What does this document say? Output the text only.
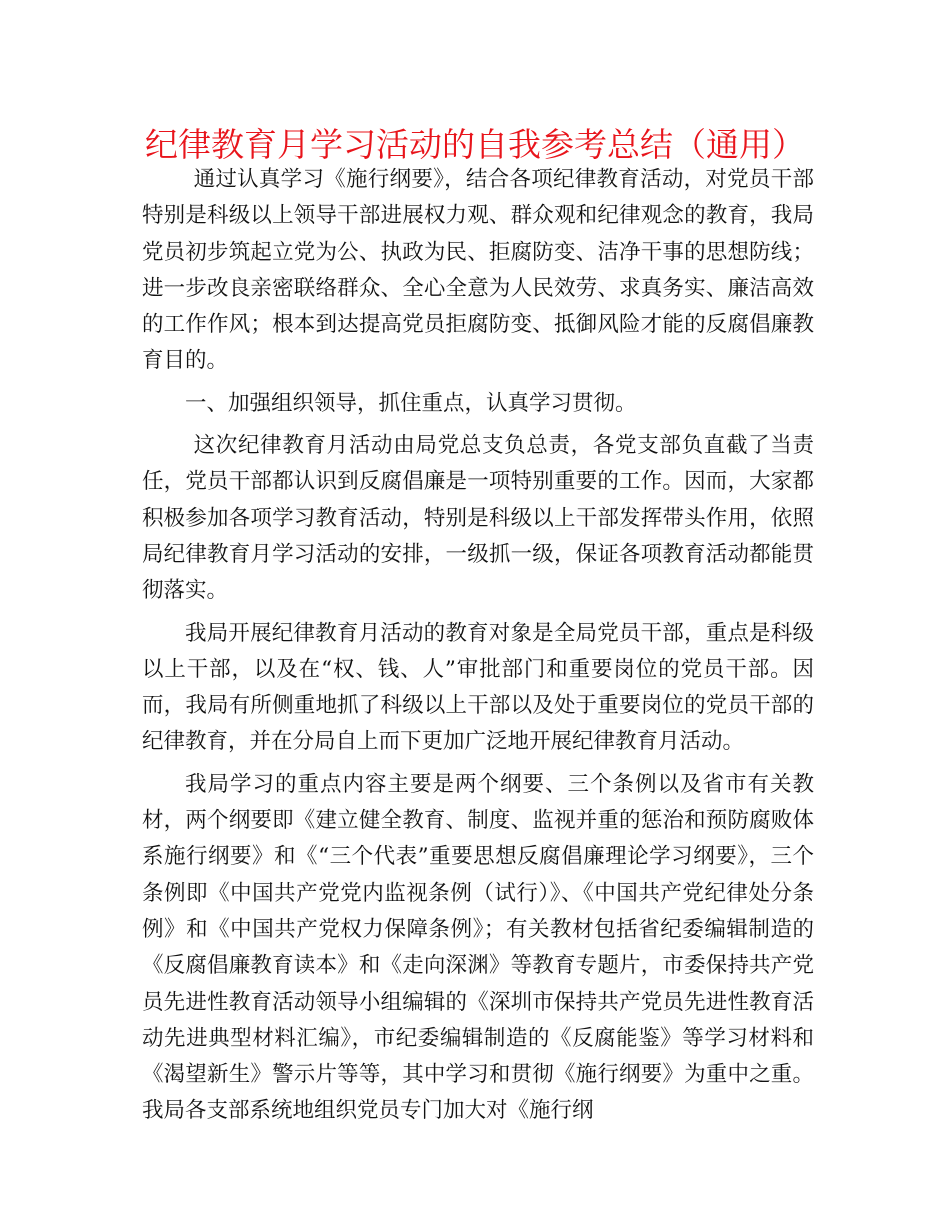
纪律教育月学习活动的自我参考总结（通用）

通过认真学习《施行纲要》，结合各项纪律教育活动，对党员干部特别是科级以上领导干部进展权力观、群众观和纪律观念的教育，我局党员初步筑起立党为公、执政为民、拒腐防变、洁净干事的思想防线；进一步改良亲密联络群众、全心全意为人民效劳、求真务实、廉洁高效的工作作风；根本到达提高党员拒腐防变、抵御风险才能的反腐倡廉教育目的。

一、加强组织领导，抓住重点，认真学习贯彻。

这次纪律教育月活动由局党总支负总责，各党支部负直截了当责任，党员干部都认识到反腐倡廉是一项特别重要的工作。因而，大家都积极参加各项学习教育活动，特别是科级以上干部发挥带头作用，依照局纪律教育月学习活动的安排，一级抓一级，保证各项教育活动都能贯彻落实。

我局开展纪律教育月活动的教育对象是全局党员干部，重点是科级以上干部，以及在“权、钱、人”审批部门和重要岗位的党员干部。因而，我局有所侧重地抓了科级以上干部以及处于重要岗位的党员干部的纪律教育，并在分局自上而下更加广泛地开展纪律教育月活动。

我局学习的重点内容主要是两个纲要、三个条例以及省市有关教材，两个纲要即《建立健全教育、制度、监视并重的惩治和预防腐败体系施行纲要》和《“三个代表”重要思想反腐倡廉理论学习纲要》，三个条例即《中国共产党党内监视条例（试行）》、《中国共产党纪律处分条例》和《中国共产党权力保障条例》；有关教材包括省纪委编辑制造的《反腐倡廉教育读本》和《走向深渊》等教育专题片，市委保持共产党员先进性教育活动领导小组编辑的《深圳市保持共产党员先进性教育活动先进典型材料汇编》，市纪委编辑制造的《反腐能鉴》等学习材料和《渴望新生》警示片等等，其中学习和贯彻《施行纲要》为重中之重。我局各支部系统地组织党员专门加大对《施行纲
